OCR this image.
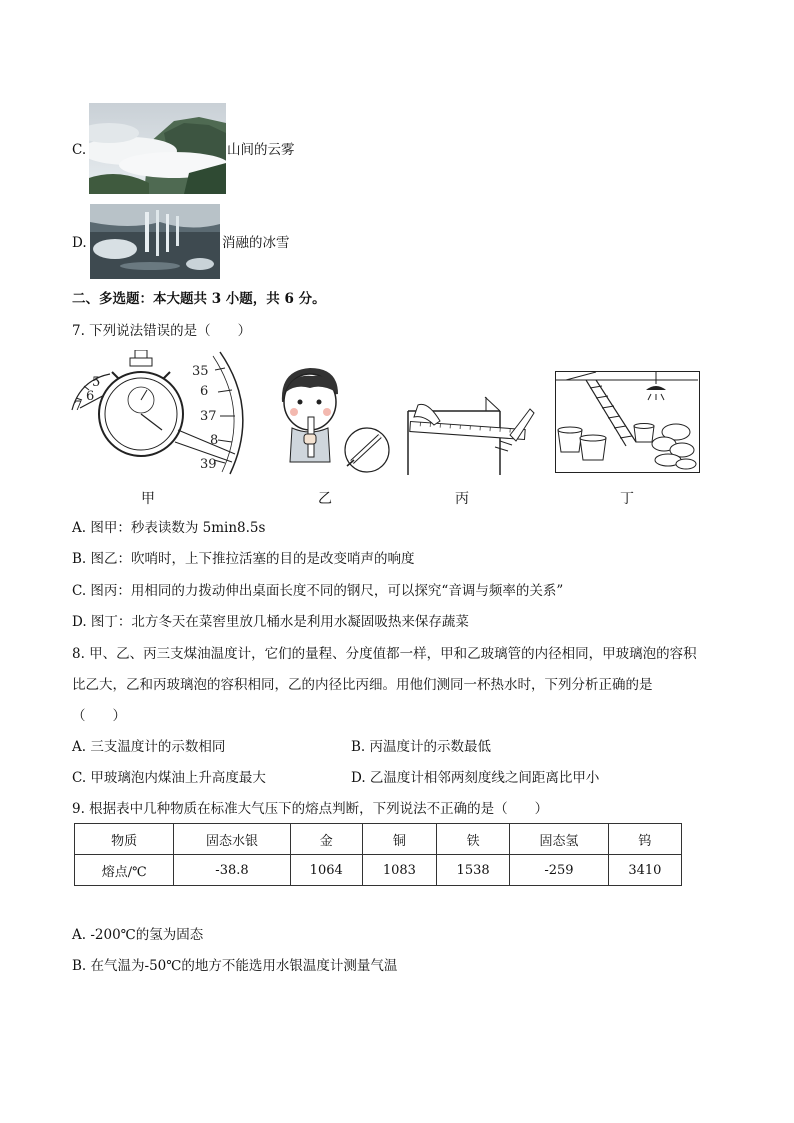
C.	山间的云雾
D.	消融的冰雪
二、多选题：本大题共 3 小题，共 6 分。
7. 下列说法错误的是（　　）
5
6
7
35
6
37
8
39
甲	乙	丙	丁
A. 图甲：秒表读数为 5min8.5s
B. 图乙：吹哨时，上下推拉活塞的目的是改变哨声的响度
C. 图丙：用相同的力拨动伸出桌面长度不同的钢尺，可以探究“音调与频率的关系”
D. 图丁：北方冬天在菜窖里放几桶水是利用水凝固吸热来保存蔬菜
8. 甲、乙、丙三支煤油温度计，它们的量程、分度值都一样，甲和乙玻璃管的内径相同，甲玻璃泡的容积
比乙大，乙和丙玻璃泡的容积相同，乙的内径比丙细。用他们测同一杯热水时，下列分析正确的是
（　　）
A. 三支温度计的示数相同	B. 丙温度计的示数最低
C. 甲玻璃泡内煤油上升高度最大	D. 乙温度计相邻两刻度线之间距离比甲小
9. 根据表中几种物质在标准大气压下的熔点判断，下列说法不正确的是（　　）
物质	固态水银	金	铜	铁	固态氢	钨
熔点/℃	-38.8	1064	1083	1538	-259	3410
A. -200℃的氢为固态
B. 在气温为-50℃的地方不能选用水银温度计测量气温
